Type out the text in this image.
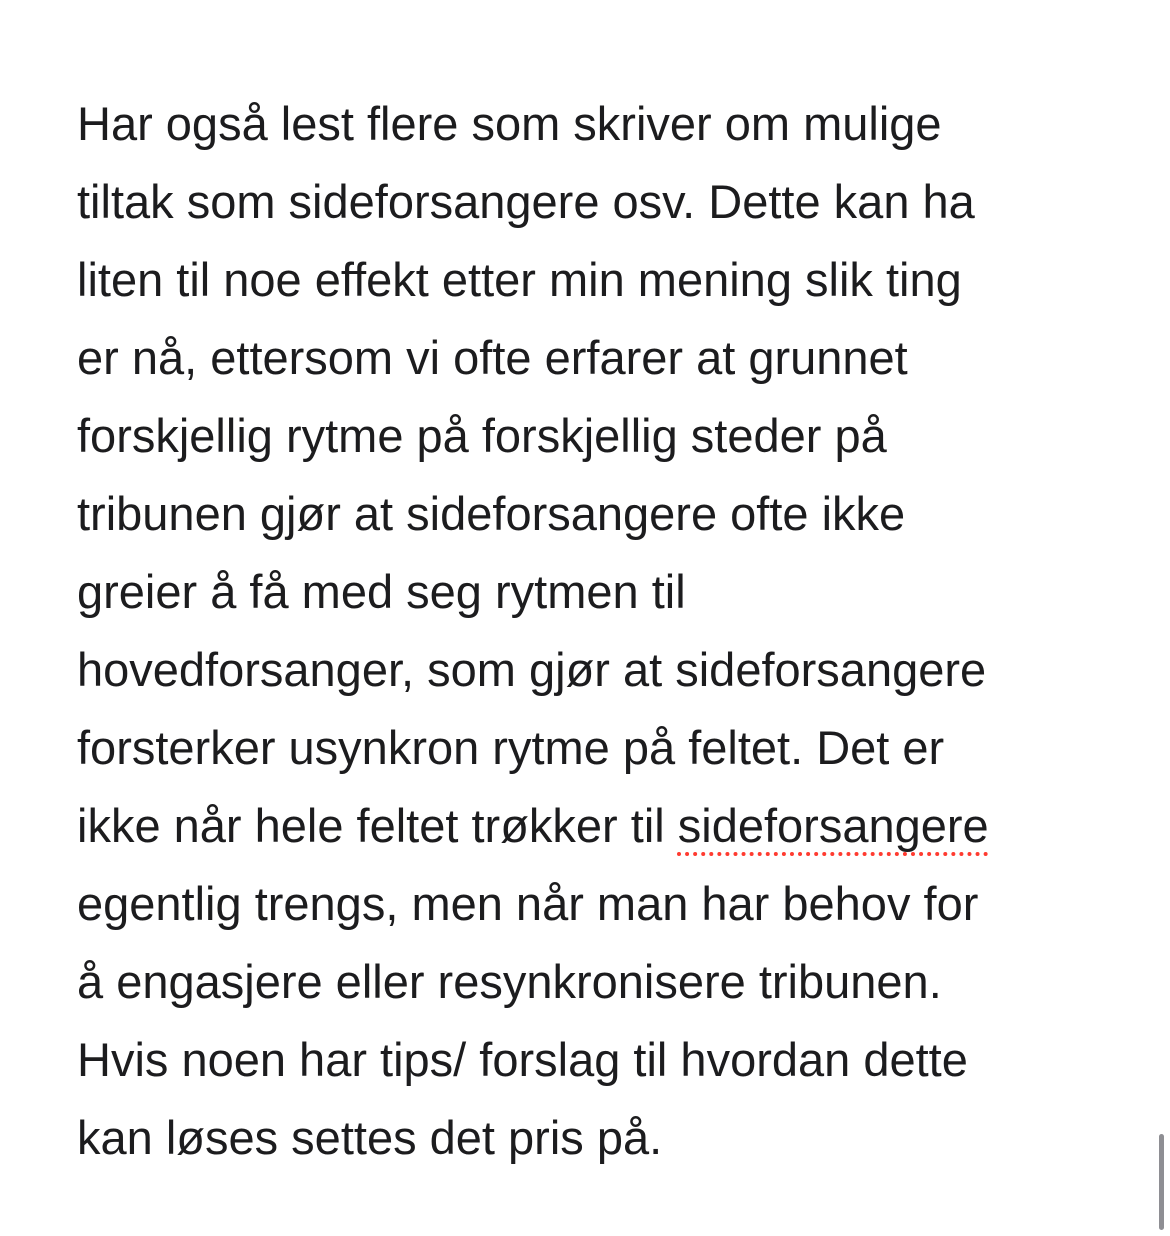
Har også lest flere som skriver om mulige
tiltak som sideforsangere osv. Dette kan ha
liten til noe effekt etter min mening slik ting
er nå, ettersom vi ofte erfarer at grunnet
forskjellig rytme på forskjellig steder på
tribunen gjør at sideforsangere ofte ikke
greier å få med seg rytmen til
hovedforsanger, som gjør at sideforsangere
forsterker usynkron rytme på feltet. Det er
ikke når hele feltet trøkker til sideforsangere
egentlig trengs, men når man har behov for
å engasjere eller resynkronisere tribunen.
Hvis noen har tips/ forslag til hvordan dette
kan løses settes det pris på.
